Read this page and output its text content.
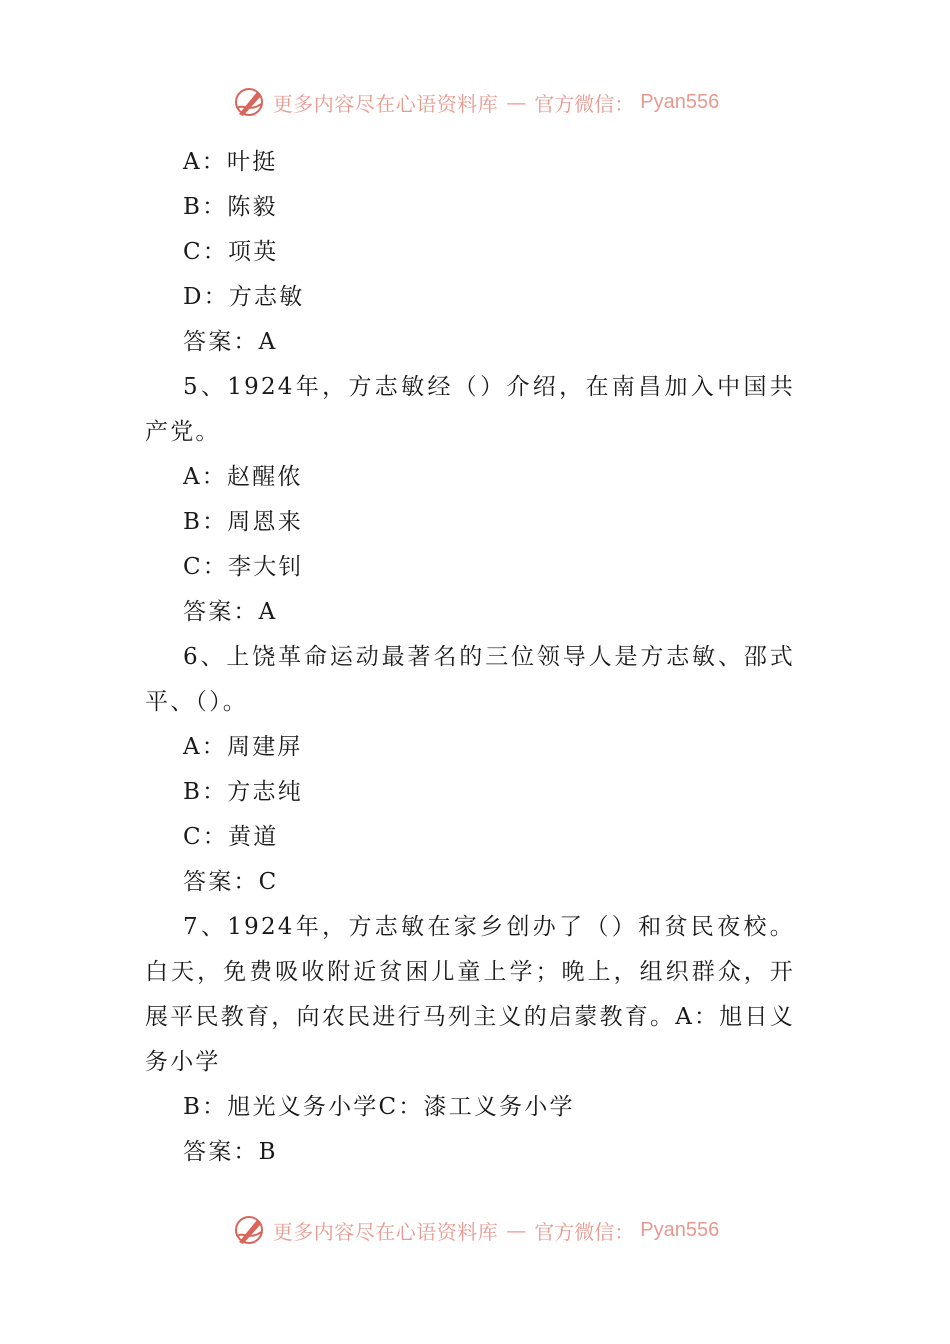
更多内容尽在心语资料库 — 官方微信： Pyan556
A：叶挺
B：陈毅
C：项英
D：方志敏
答案：A
5、1924年，方志敏经（）介绍，在南昌加入中国共产党。
A：赵醒侬
B：周恩来
C：李大钊
答案：A
6、上饶革命运动最著名的三位领导人是方志敏、邵式平、（）。
A：周建屏
B：方志纯
C：黄道
答案：C
7、1924年，方志敏在家乡创办了（）和贫民夜校。白天，免费吸收附近贫困儿童上学；晚上，组织群众，开展平民教育，向农民进行马列主义的启蒙教育。A：旭日义务小学
B：旭光义务小学C：漆工义务小学
答案：B
更多内容尽在心语资料库 — 官方微信： Pyan556
